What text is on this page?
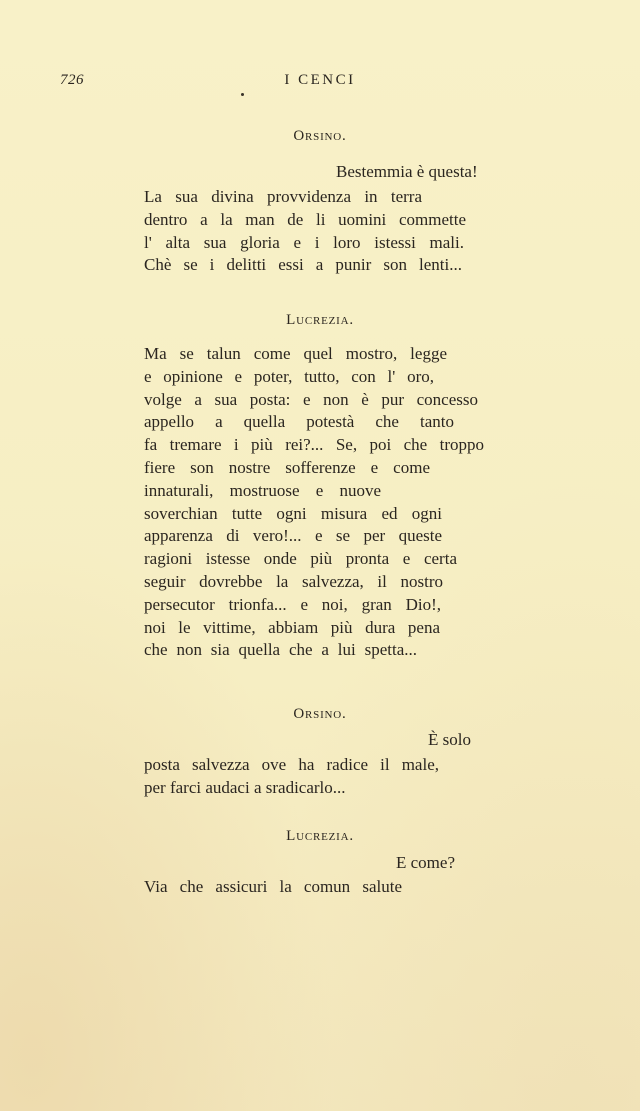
726	I CENCI
Orsino.
Bestemmia è questa!
La sua divina provvidenza in terra
dentro a la man de li uomini commette
l' alta sua gloria e i loro istessi mali.
Chè se i delitti essi a punir son lenti...
Lucrezia.
Ma se talun come quel mostro, legge
e opinione e poter, tutto, con l' oro,
volge a sua posta: e non è pur concesso
appello a quella potestà che tanto
fa tremare i più rei?... Se, poi che troppo
fiere son nostre sofferenze e come
innaturali, mostruose e nuove
soverchian tutte ogni misura ed ogni
apparenza di vero!... e se per queste
ragioni istesse onde più pronta e certa
seguir dovrebbe la salvezza, il nostro
persecutor trionfa... e noi, gran Dio!,
noi le vittime, abbiam più dura pena
che non sia quella che a lui spetta...
Orsino.
È solo
posta salvezza ove ha radice il male,
per farci audaci a sradicarlo...
Lucrezia.
E come?
Via che assicuri la comun salute
